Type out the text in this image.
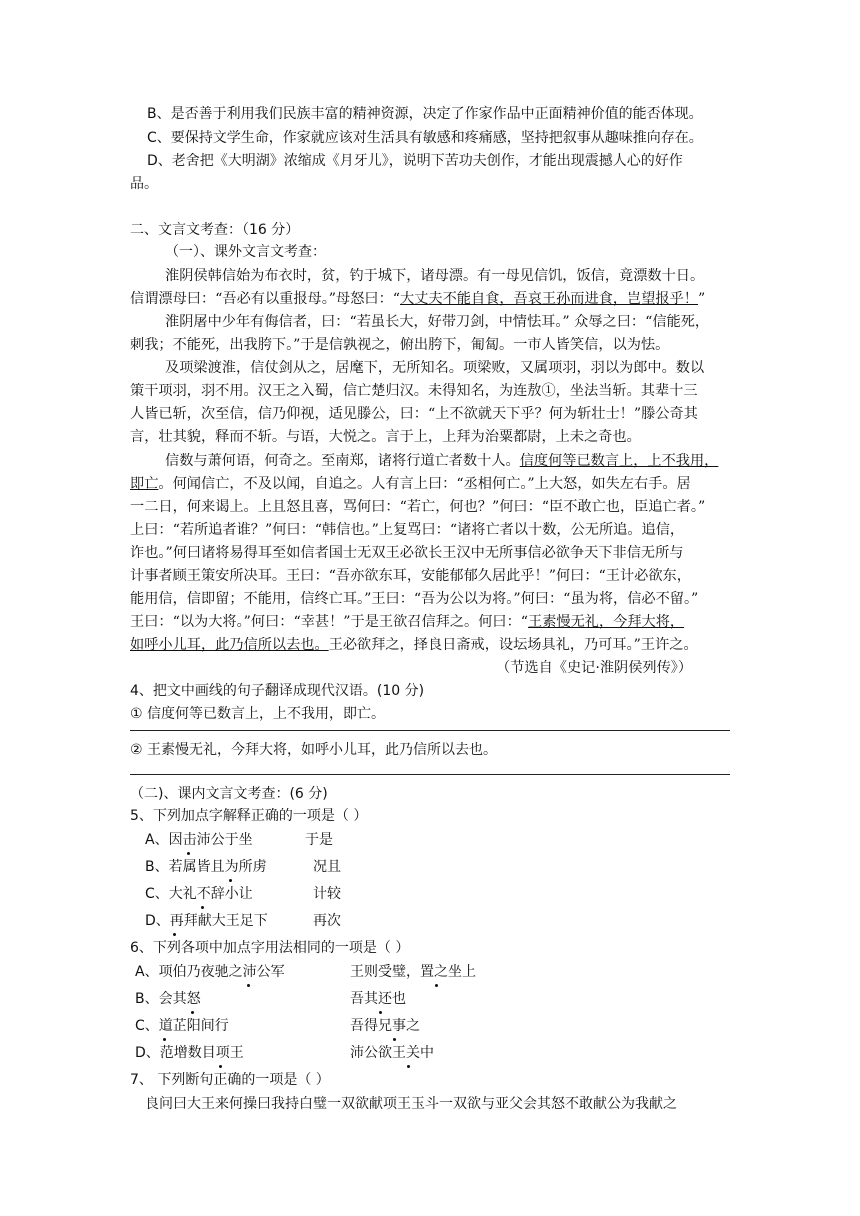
B、是否善于利用我们民族丰富的精神资源，决定了作家作品中正面精神价值的能否体现。
C、要保持文学生命，作家就应该对生活具有敏感和疼痛感，坚持把叙事从趣味推向存在。
D、老舍把《大明湖》浓缩成《月牙儿》，说明下苦功夫创作，才能出现震撼人心的好作
品。
二、文言文考查：（16 分）
（一）、课外文言文考查：
淮阴侯韩信始为布衣时，贫，钓于城下，诸母漂。有一母见信饥，饭信，竟漂数十日。
信谓漂母曰：“吾必有以重报母。”母怒曰：“大丈夫不能自食，吾哀王孙而进食，岂望报乎！”
淮阴屠中少年有侮信者，曰：“若虽长大，好带刀剑，中情怯耳。” 众辱之曰：“信能死，
刺我；不能死，出我胯下。”于是信孰视之，俯出胯下，匍匐。一市人皆笑信，以为怯。
及项梁渡淮，信仗剑从之，居麾下，无所知名。项梁败，又属项羽，羽以为郎中。数以
策干项羽，羽不用。汉王之入蜀，信亡楚归汉。未得知名，为连敖①，坐法当斩。其辈十三
人皆已斩，次至信，信乃仰视，适见滕公，曰：“上不欲就天下乎？何为斩壮士！”滕公奇其
言，壮其貌，释而不斩。与语，大悦之。言于上，上拜为治粟都尉，上未之奇也。
信数与萧何语，何奇之。至南郑，诸将行道亡者数十人。信度何等已数言上，上不我用，
即亡。何闻信亡，不及以闻，自追之。人有言上曰：“丞相何亡。”上大怒，如失左右手。居
一二日，何来谒上。上且怒且喜，骂何曰：“若亡，何也？”何曰：“臣不敢亡也，臣追亡者。”
上曰：“若所追者谁？”何曰：“韩信也。”上复骂曰：“诸将亡者以十数，公无所追。追信，
诈也。”何曰诸将易得耳至如信者国士无双王必欲长王汉中无所事信必欲争天下非信无所与
计事者顾王策安所决耳。王曰：“吾亦欲东耳，安能郁郁久居此乎！”何曰：“王计必欲东，
能用信，信即留；不能用，信终亡耳。”王曰：“吾为公以为将。”何曰：“虽为将，信必不留。”
王曰：“以为大将。”何曰：“幸甚！”于是王欲召信拜之。何曰：“王素慢无礼，今拜大将，
如呼小儿耳，此乃信所以去也。王必欲拜之，择良日斋戒，设坛场具礼，乃可耳。”王许之。
（节选自《史记·淮阴侯列传》）
4、把文中画线的句子翻译成现代汉语。(10 分)
① 信度何等已数言上，上不我用，即亡。
② 王素慢无礼，今拜大将，如呼小儿耳，此乃信所以去也。
（二)、课内文言文考查：(6 分)
5、下列加点字解释正确的一项是（ ）
A、因击沛公于坐	于是
B、若属皆且为所虏	况且
C、大礼不辞小让	计较
D、再拜献大王足下	再次
6、下列各项中加点字用法相同的一项是（ ）
A、项伯乃夜驰之沛公军	王则受璧，置之坐上
B、会其怒	吾其还也
C、道芷阳间行	吾得兄事之
D、范增数目项王	沛公欲王关中
7、 下列断句正确的一项是（ ）
良问曰大王来何操曰我持白璧一双欲献项王玉斗一双欲与亚父会其怒不敢献公为我献之
